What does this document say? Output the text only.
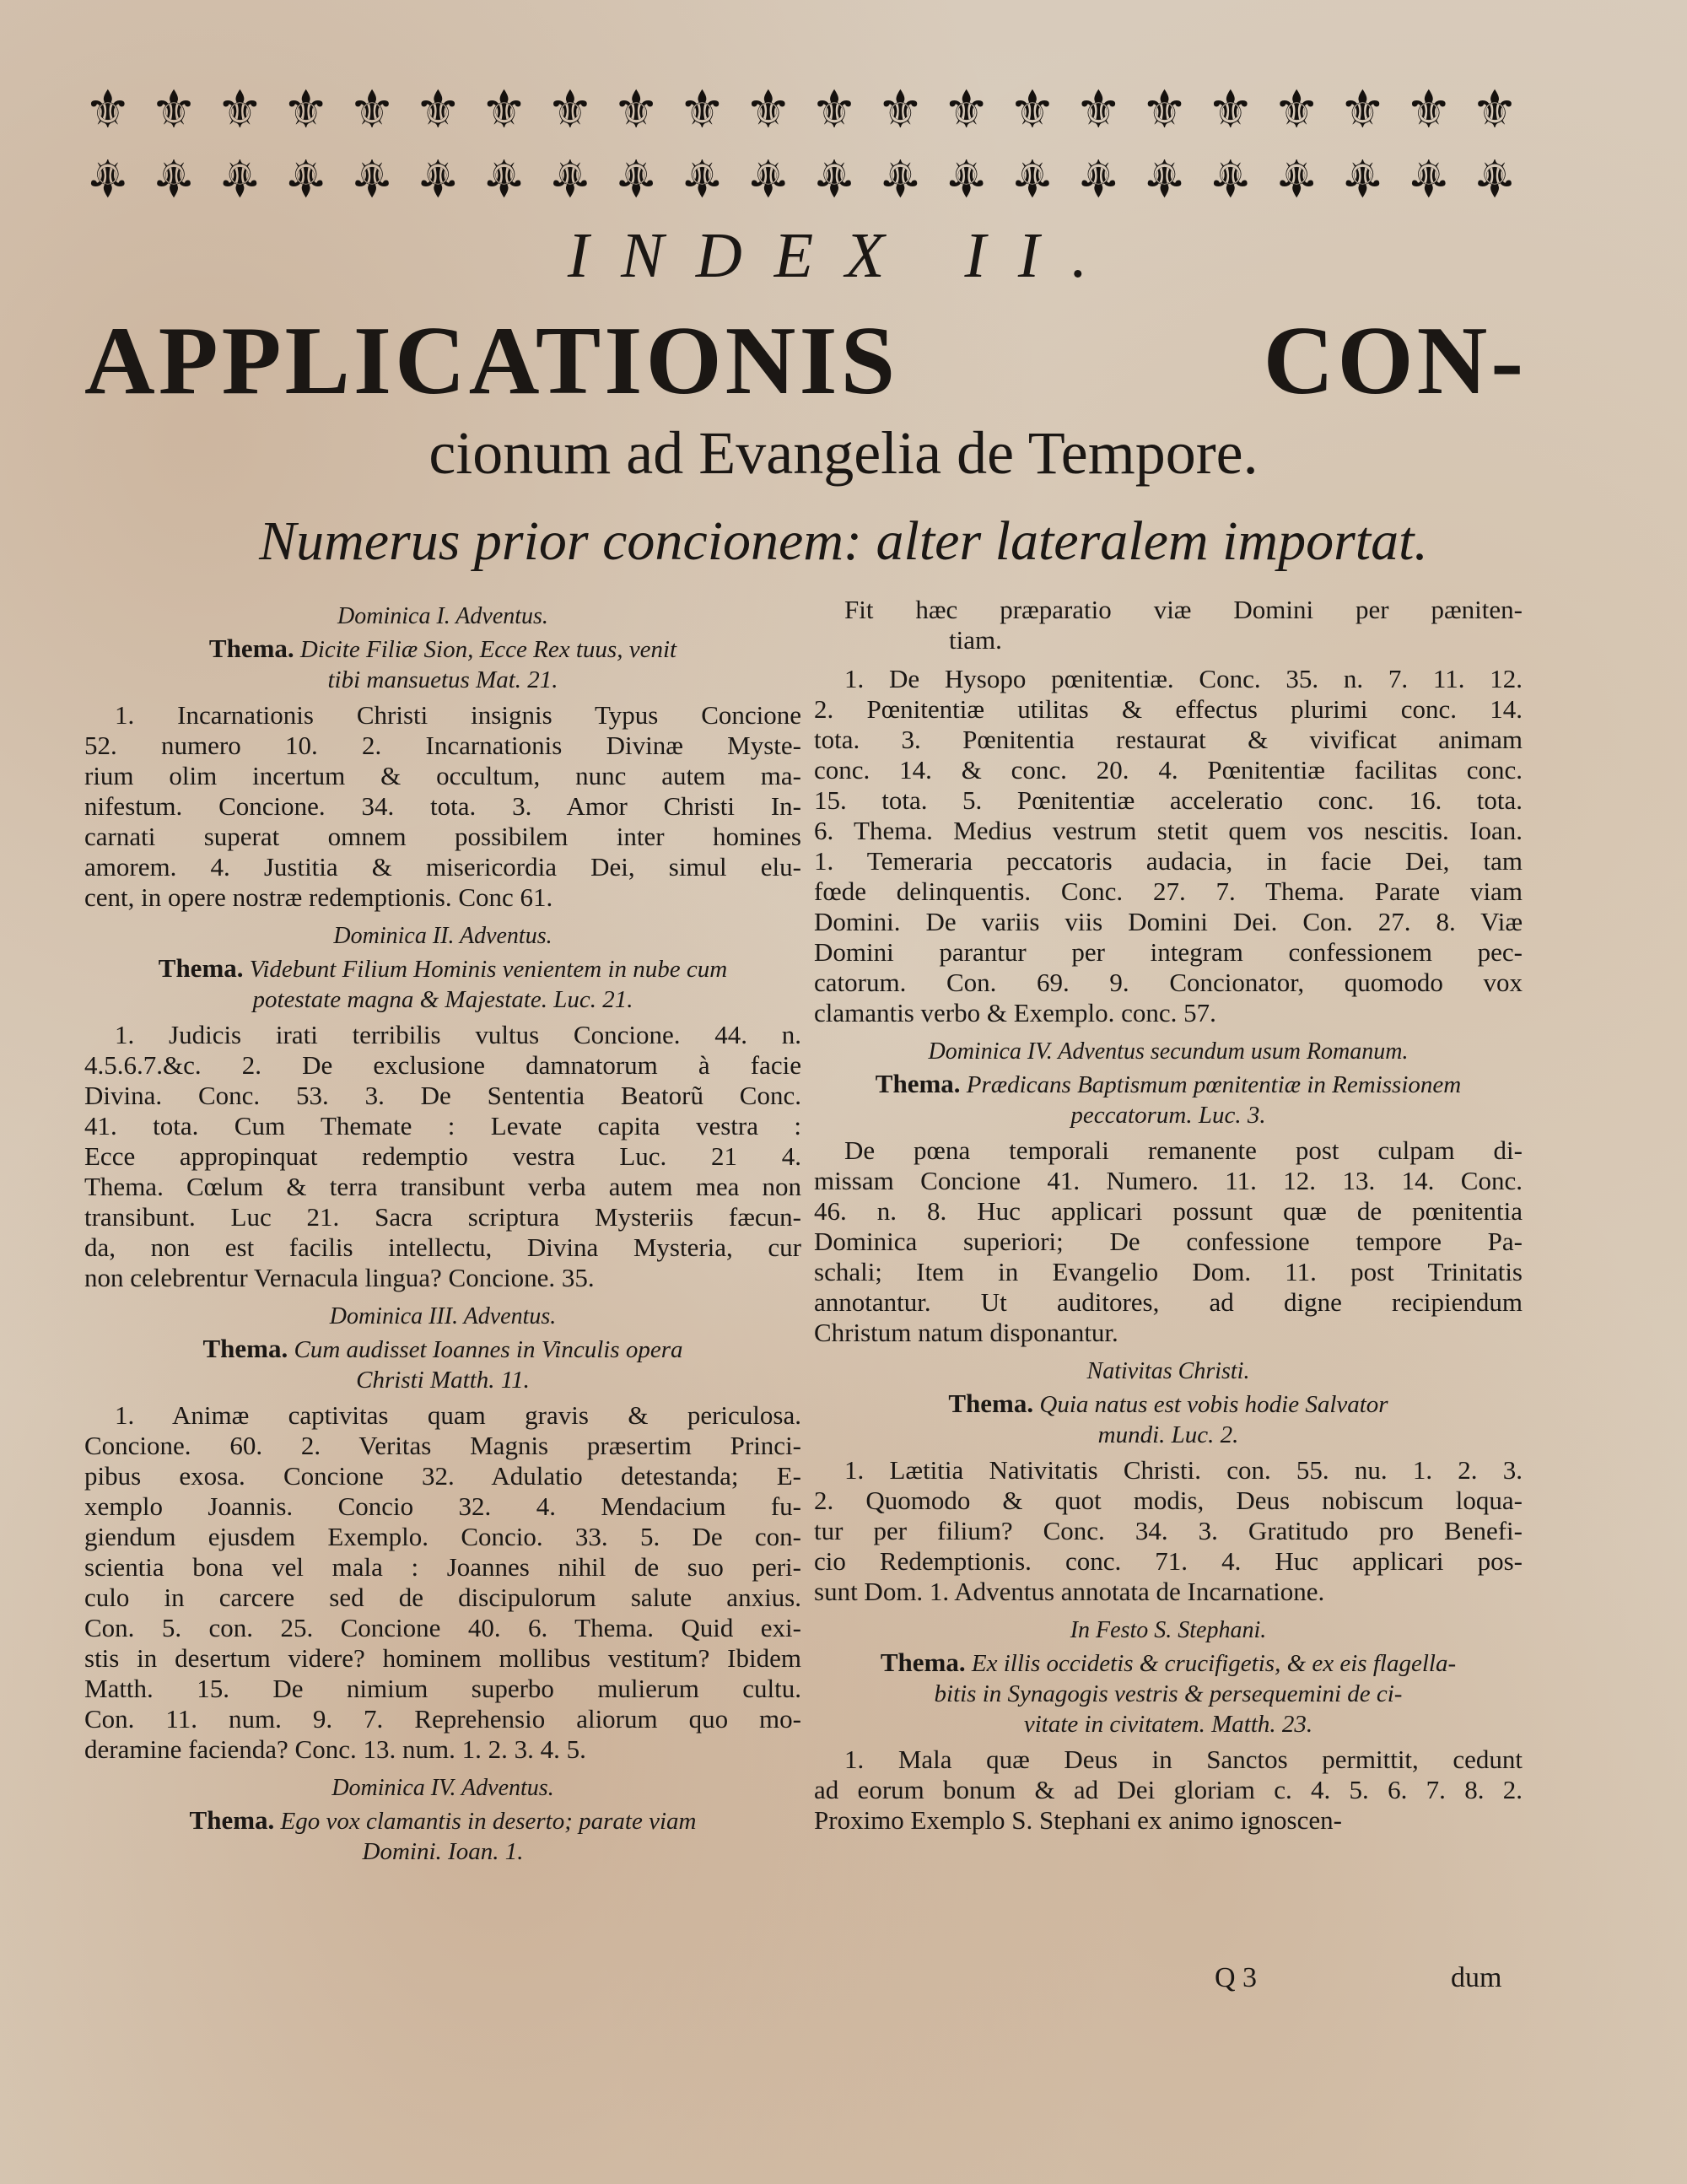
⚜ ⚜ ⚜ ⚜ ⚜ ⚜ ⚜ ⚜ ⚜ ⚜ ⚜ ⚜ ⚜ ⚜ ⚜ ⚜ ⚜ ⚜ ⚜ ⚜ ⚜ ⚜
⚜ ⚜ ⚜ ⚜ ⚜ ⚜ ⚜ ⚜ ⚜ ⚜ ⚜ ⚜ ⚜ ⚜ ⚜ ⚜ ⚜ ⚜ ⚜ ⚜ ⚜ ⚜
INDEX II.
APPLICATIONIS CON-
cionum ad Evangelia de Tempore.
Numerus prior concionem: alter lateralem importat.
Dominica I. Adventus.
Thema. Dicite Filiæ Sion, Ecce Rex tuus, venit
tibi mansuetus Mat. 21.
1. Incarnationis Christi insignis Typus Concione
52. numero 10. 2. Incarnationis Divinæ Myste-
rium olim incertum & occultum, nunc autem ma-
nifestum. Concione. 34. tota. 3. Amor Christi In-
carnati superat omnem possibilem inter homines
amorem. 4. Justitia & misericordia Dei, simul elu-
cent, in opere nostræ redemptionis. Conc 61.
Dominica II. Adventus.
Thema. Videbunt Filium Hominis venientem in nube cum
potestate magna & Majestate. Luc. 21.
1. Judicis irati terribilis vultus Concione. 44. n.
4.5.6.7.&c. 2. De exclusione damnatorum à facie
Divina. Conc. 53. 3. De Sententia Beatorũ Conc.
41. tota. Cum Themate : Levate capita vestra :
Ecce appropinquat redemptio vestra Luc. 21 4.
Thema. Cœlum & terra transibunt verba autem mea non
transibunt. Luc 21. Sacra scriptura Mysteriis fæcun-
da, non est facilis intellectu, Divina Mysteria, cur
non celebrentur Vernacula lingua? Concione. 35.
Dominica III. Adventus.
Thema. Cum audisset Ioannes in Vinculis opera
Christi Matth. 11.
1. Animæ captivitas quam gravis & periculosa.
Concione. 60. 2. Veritas Magnis præsertim Princi-
pibus exosa. Concione 32. Adulatio detestanda; E-
xemplo Joannis. Concio 32. 4. Mendacium fu-
giendum ejusdem Exemplo. Concio. 33. 5. De con-
scientia bona vel mala : Joannes nihil de suo peri-
culo in carcere sed de discipulorum salute anxius.
Con. 5. con. 25. Concione 40. 6. Thema. Quid exi-
stis in desertum videre? hominem mollibus vestitum? Ibidem
Matth. 15. De nimium superbo mulierum cultu.
Con. 11. num. 9. 7. Reprehensio aliorum quo mo-
deramine facienda? Conc. 13. num. 1. 2. 3. 4. 5.
Dominica IV. Adventus.
Thema. Ego vox clamantis in deserto; parate viam
Domini. Ioan. 1.
Fit hæc præparatio viæ Domini per pæniten-
tiam.
1. De Hysopo pœnitentiæ. Conc. 35. n. 7. 11. 12.
2. Pœnitentiæ utilitas & effectus plurimi conc. 14.
tota. 3. Pœnitentia restaurat & vivificat animam
conc. 14. & conc. 20. 4. Pœnitentiæ facilitas conc.
15. tota. 5. Pœnitentiæ acceleratio conc. 16. tota.
6. Thema. Medius vestrum stetit quem vos nescitis. Ioan.
1. Temeraria peccatoris audacia, in facie Dei, tam
fœde delinquentis. Conc. 27. 7. Thema. Parate viam
Domini. De variis viis Domini Dei. Con. 27. 8. Viæ
Domini parantur per integram confessionem pec-
catorum. Con. 69. 9. Concionator, quomodo vox
clamantis verbo & Exemplo. conc. 57.
Dominica IV. Adventus secundum usum Romanum.
Thema. Prædicans Baptismum pœnitentiæ in Remissionem
peccatorum. Luc. 3.
De pœna temporali remanente post culpam di-
missam Concione 41. Numero. 11. 12. 13. 14. Conc.
46. n. 8. Huc applicari possunt quæ de pœnitentia
Dominica superiori; De confessione tempore Pa-
schali; Item in Evangelio Dom. 11. post Trinitatis
annotantur. Ut auditores, ad digne recipiendum
Christum natum disponantur.
Nativitas Christi.
Thema. Quia natus est vobis hodie Salvator
mundi. Luc. 2.
1. Lætitia Nativitatis Christi. con. 55. nu. 1. 2. 3.
2. Quomodo & quot modis, Deus nobiscum loqua-
tur per filium? Conc. 34. 3. Gratitudo pro Benefi-
cio Redemptionis. conc. 71. 4. Huc applicari pos-
sunt Dom. 1. Adventus annotata de Incarnatione.
In Festo S. Stephani.
Thema. Ex illis occidetis & crucifigetis, & ex eis flagella-
bitis in Synagogis vestris & persequemini de ci-
vitate in civitatem. Matth. 23.
1. Mala quæ Deus in Sanctos permittit, cedunt
ad eorum bonum & ad Dei gloriam c. 4. 5. 6. 7. 8. 2.
Proximo Exemplo S. Stephani ex animo ignoscen-
Q 3	dum
